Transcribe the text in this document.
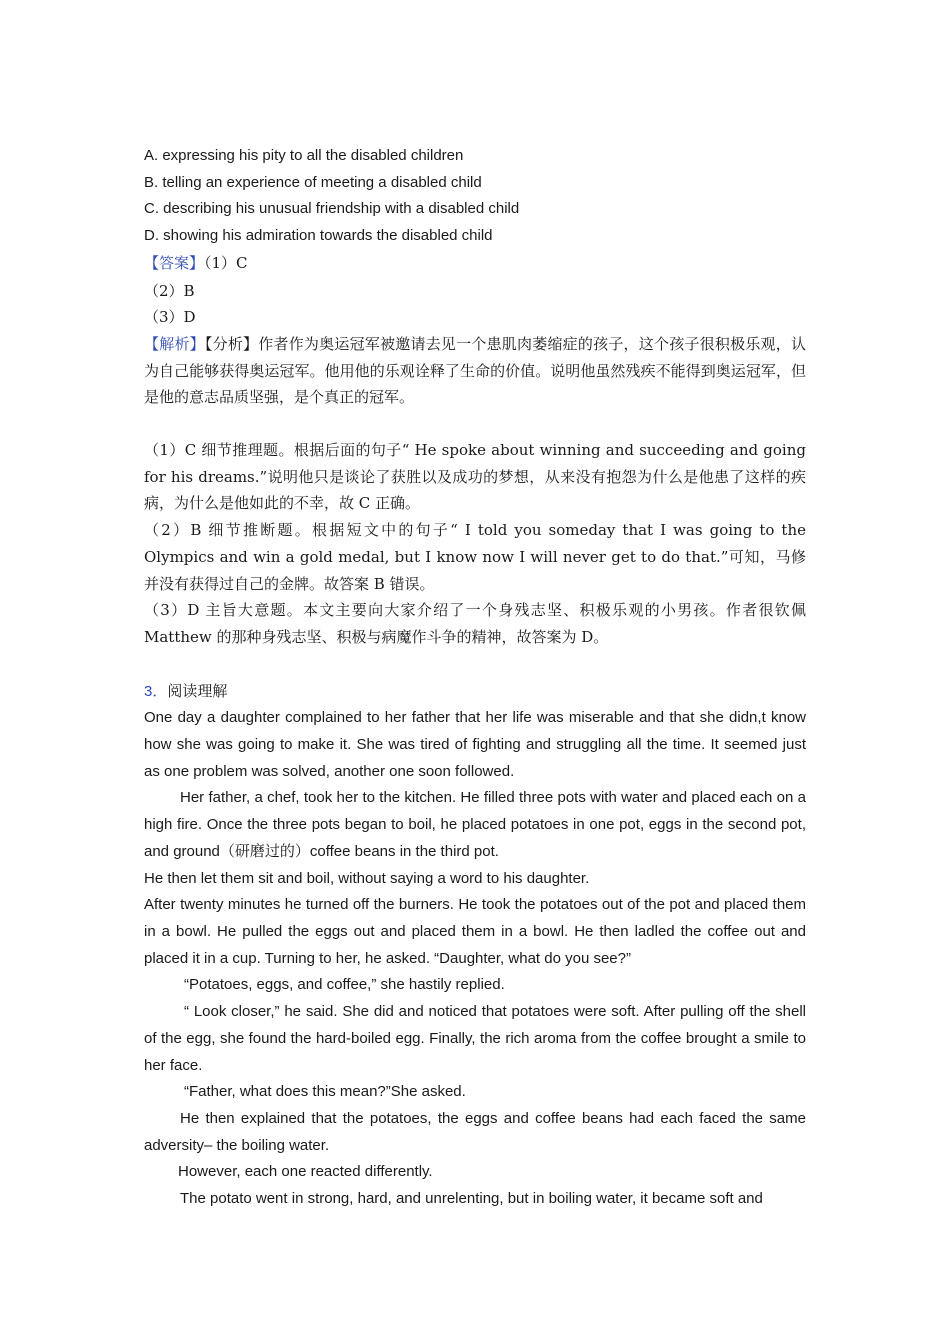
A. expressing his pity to all the disabled children
B. telling an experience of meeting a disabled child
C. describing his unusual friendship with a disabled child
D. showing his admiration towards the disabled child
【答案】（1）C
（2）B
（3）D
【解析】【分析】作者作为奥运冠军被邀请去见一个患肌肉萎缩症的孩子，这个孩子很积极乐观，认为自己能够获得奥运冠军。他用他的乐观诠释了生命的价值。说明他虽然残疾不能得到奥运冠军，但是他的意志品质坚强，是个真正的冠军。
（1）C 细节推理题。根据后面的句子“ He spoke about winning and succeeding and going for his dreams.”说明他只是谈论了获胜以及成功的梦想，从来没有抱怨为什么是他患了这样的疾病，为什么是他如此的不幸，故 C 正确。
（2）B 细节推断题。根据短文中的句子“ I told you someday that I was going to the Olympics and win a gold medal, but I know now I will never get to do that.”可知，马修并没有获得过自己的金牌。故答案 B 错误。
（3）D 主旨大意题。本文主要向大家介绍了一个身残志坚、积极乐观的小男孩。作者很钦佩 Matthew 的那种身残志坚、积极与病魔作斗争的精神，故答案为 D。
3．阅读理解
One day a daughter complained to her father that her life was miserable and that she didn,t know how she was going to make it. She was tired of fighting and struggling all the time. It seemed just as one problem was solved, another one soon followed.
Her father, a chef, took her to the kitchen. He filled three pots with water and placed each on a high fire. Once the three pots began to boil, he placed potatoes in one pot, eggs in the second pot, and ground（研磨过的）coffee beans in the third pot.
He then let them sit and boil, without saying a word to his daughter.
After twenty minutes he turned off the burners. He took the potatoes out of the pot and placed them in a bowl. He pulled the eggs out and placed them in a bowl. He then ladled the coffee out and placed it in a cup. Turning to her, he asked. “Daughter, what do you see?”
“Potatoes, eggs, and coffee,” she hastily replied.
“ Look closer,” he said. She did and noticed that potatoes were soft. After pulling off the shell of the egg, she found the hard-boiled egg. Finally, the rich aroma from the coffee brought a smile to her face.
“Father, what does this mean?”She asked.
He then explained that the potatoes, the eggs and coffee beans had each faced the same adversity– the boiling water.
However, each one reacted differently.
The potato went in strong, hard, and unrelenting, but in boiling water, it became soft and
